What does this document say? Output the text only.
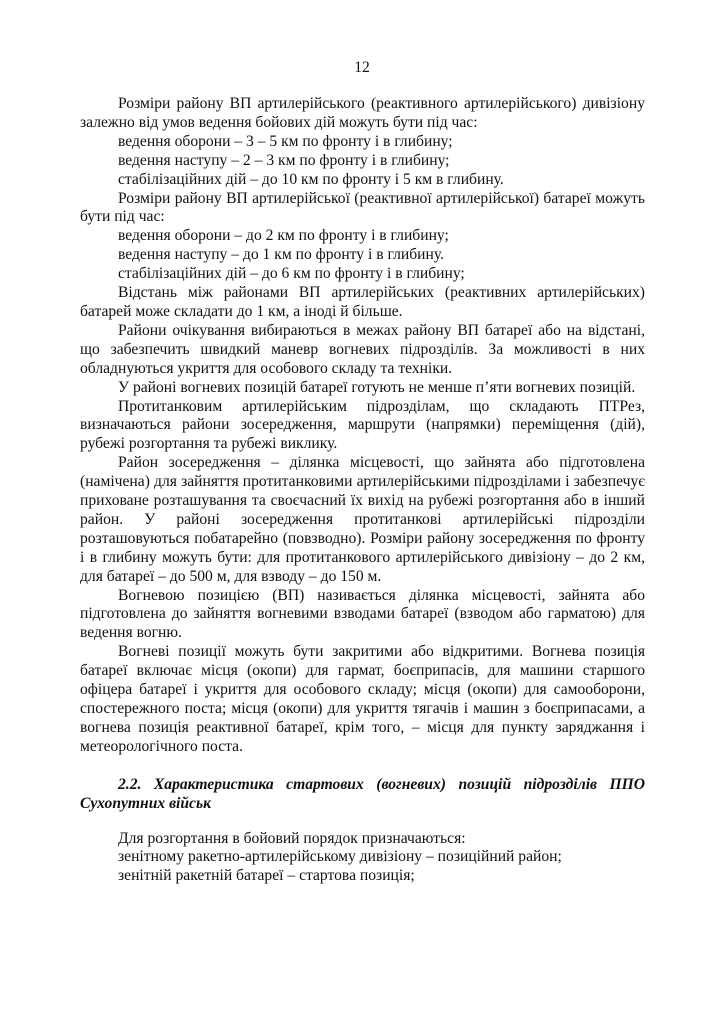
12

Розміри району ВП артилерійського (реактивного артилерійського) дивізіону залежно від умов ведення бойових дій можуть бути під час:

ведення оборони – 3 – 5 км по фронту і в глибину;

ведення наступу – 2 – 3 км по фронту і в глибину;

стабілізаційних дій – до 10 км по фронту і 5 км в глибину.

Розміри району ВП артилерійської (реактивної артилерійської) батареї можуть бути під час:

ведення оборони – до 2 км по фронту і в глибину;

ведення наступу – до 1 км по фронту і в глибину.

стабілізаційних дій – до 6 км по фронту і в глибину;

Відстань між районами ВП артилерійських (реактивних артилерійських) батарей може складати до 1 км, а іноді й більше.

Райони очікування вибираються в межах району ВП батареї або на відстані, що забезпечить швидкий маневр вогневих підрозділів. За можливості в них обладнуються укриття для особового складу та техніки.

У районі вогневих позицій батареї готують не менше п’яти вогневих позицій.

Протитанковим артилерійським підрозділам, що складають ПТРез, визначаються райони зосередження, маршрути (напрямки) переміщення (дій), рубежі розгортання та рубежі виклику.

Район зосередження – ділянка місцевості, що зайнята або підготовлена (намічена) для зайняття протитанковими артилерійськими підрозділами і забезпечує приховане розташування та своєчасний їх вихід на рубежі розгортання або в інший район. У районі зосередження протитанкові артилерійські підрозділи розташовуються побатарейно (повзводно). Розміри району зосередження по фронту і в глибину можуть бути: для протитанкового артилерійського дивізіону – до 2 км, для батареї – до 500 м, для взводу – до 150 м.

Вогневою позицією (ВП) називається ділянка місцевості, зайнята або підготовлена до зайняття вогневими взводами батареї (взводом або гарматою) для ведення вогню.

Вогневі позиції можуть бути закритими або відкритими. Вогнева позиція батареї включає місця (окопи) для гармат, боєприпасів, для машини старшого офіцера батареї і укриття для особового складу; місця (окопи) для самооборони, спостережного поста; місця (окопи) для укриття тягачів і машин з боєприпасами, а вогнева позиція реактивної батареї, крім того, – місця для пункту заряджання і метеорологічного поста.

2.2. Характеристика стартових (вогневих) позицій підрозділів ППО Сухопутних військ

Для розгортання в бойовий порядок призначаються:

зенітному ракетно-артилерійському дивізіону – позиційний район;

зенітній ракетній батареї – стартова позиція;
